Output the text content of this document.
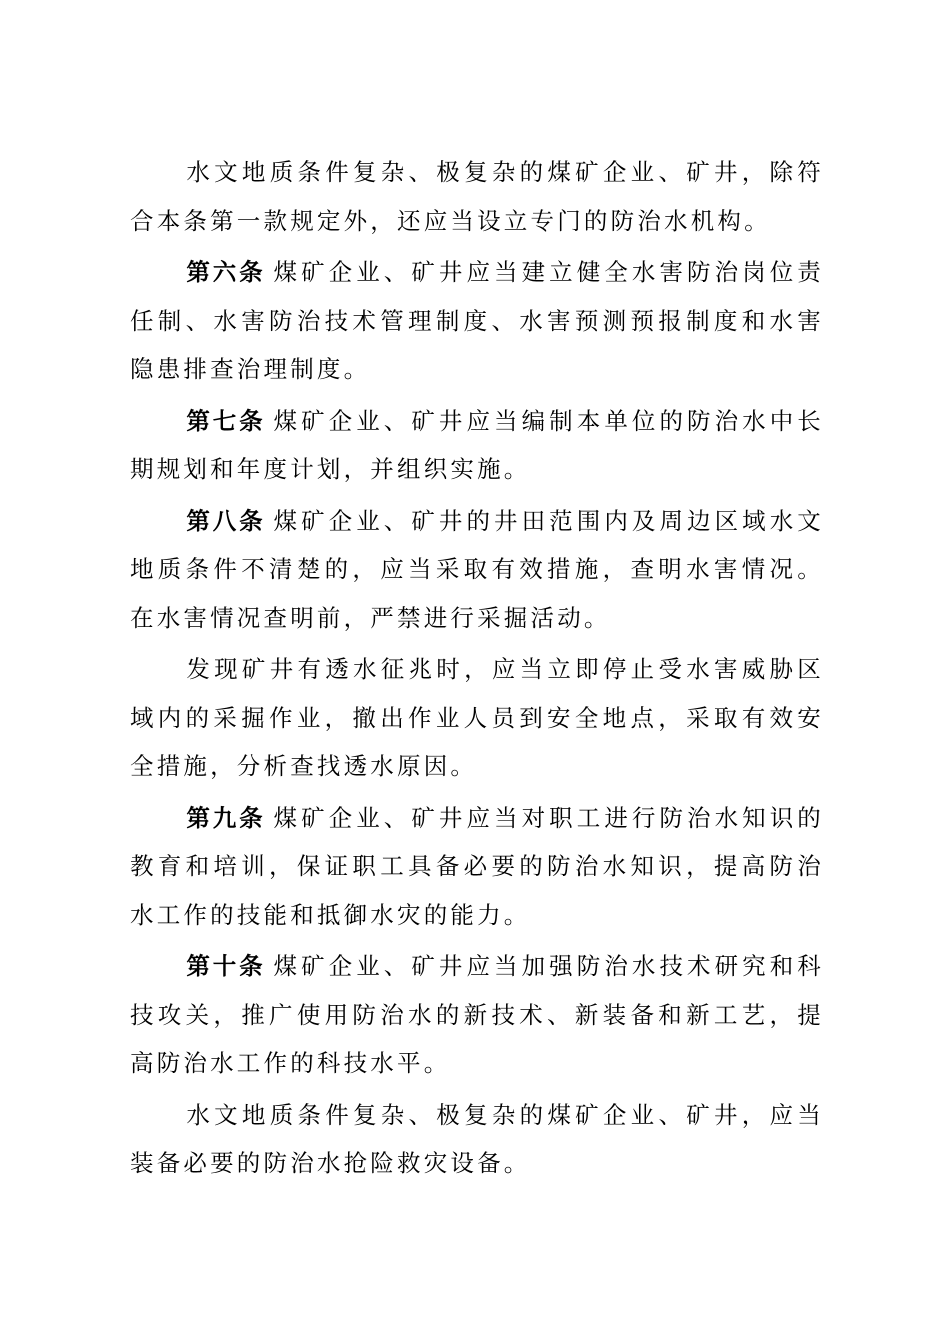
水文地质条件复杂、极复杂的煤矿企业、矿井，除符合本条第一款规定外，还应当设立专门的防治水机构。

第六条 煤矿企业、矿井应当建立健全水害防治岗位责任制、水害防治技术管理制度、水害预测预报制度和水害隐患排查治理制度。

第七条 煤矿企业、矿井应当编制本单位的防治水中长期规划和年度计划，并组织实施。

第八条 煤矿企业、矿井的井田范围内及周边区域水文地质条件不清楚的，应当采取有效措施，查明水害情况。在水害情况查明前，严禁进行采掘活动。

发现矿井有透水征兆时，应当立即停止受水害威胁区域内的采掘作业，撤出作业人员到安全地点，采取有效安全措施，分析查找透水原因。

第九条 煤矿企业、矿井应当对职工进行防治水知识的教育和培训，保证职工具备必要的防治水知识，提高防治水工作的技能和抵御水灾的能力。

第十条 煤矿企业、矿井应当加强防治水技术研究和科技攻关，推广使用防治水的新技术、新装备和新工艺，提高防治水工作的科技水平。

水文地质条件复杂、极复杂的煤矿企业、矿井，应当装备必要的防治水抢险救灾设备。
